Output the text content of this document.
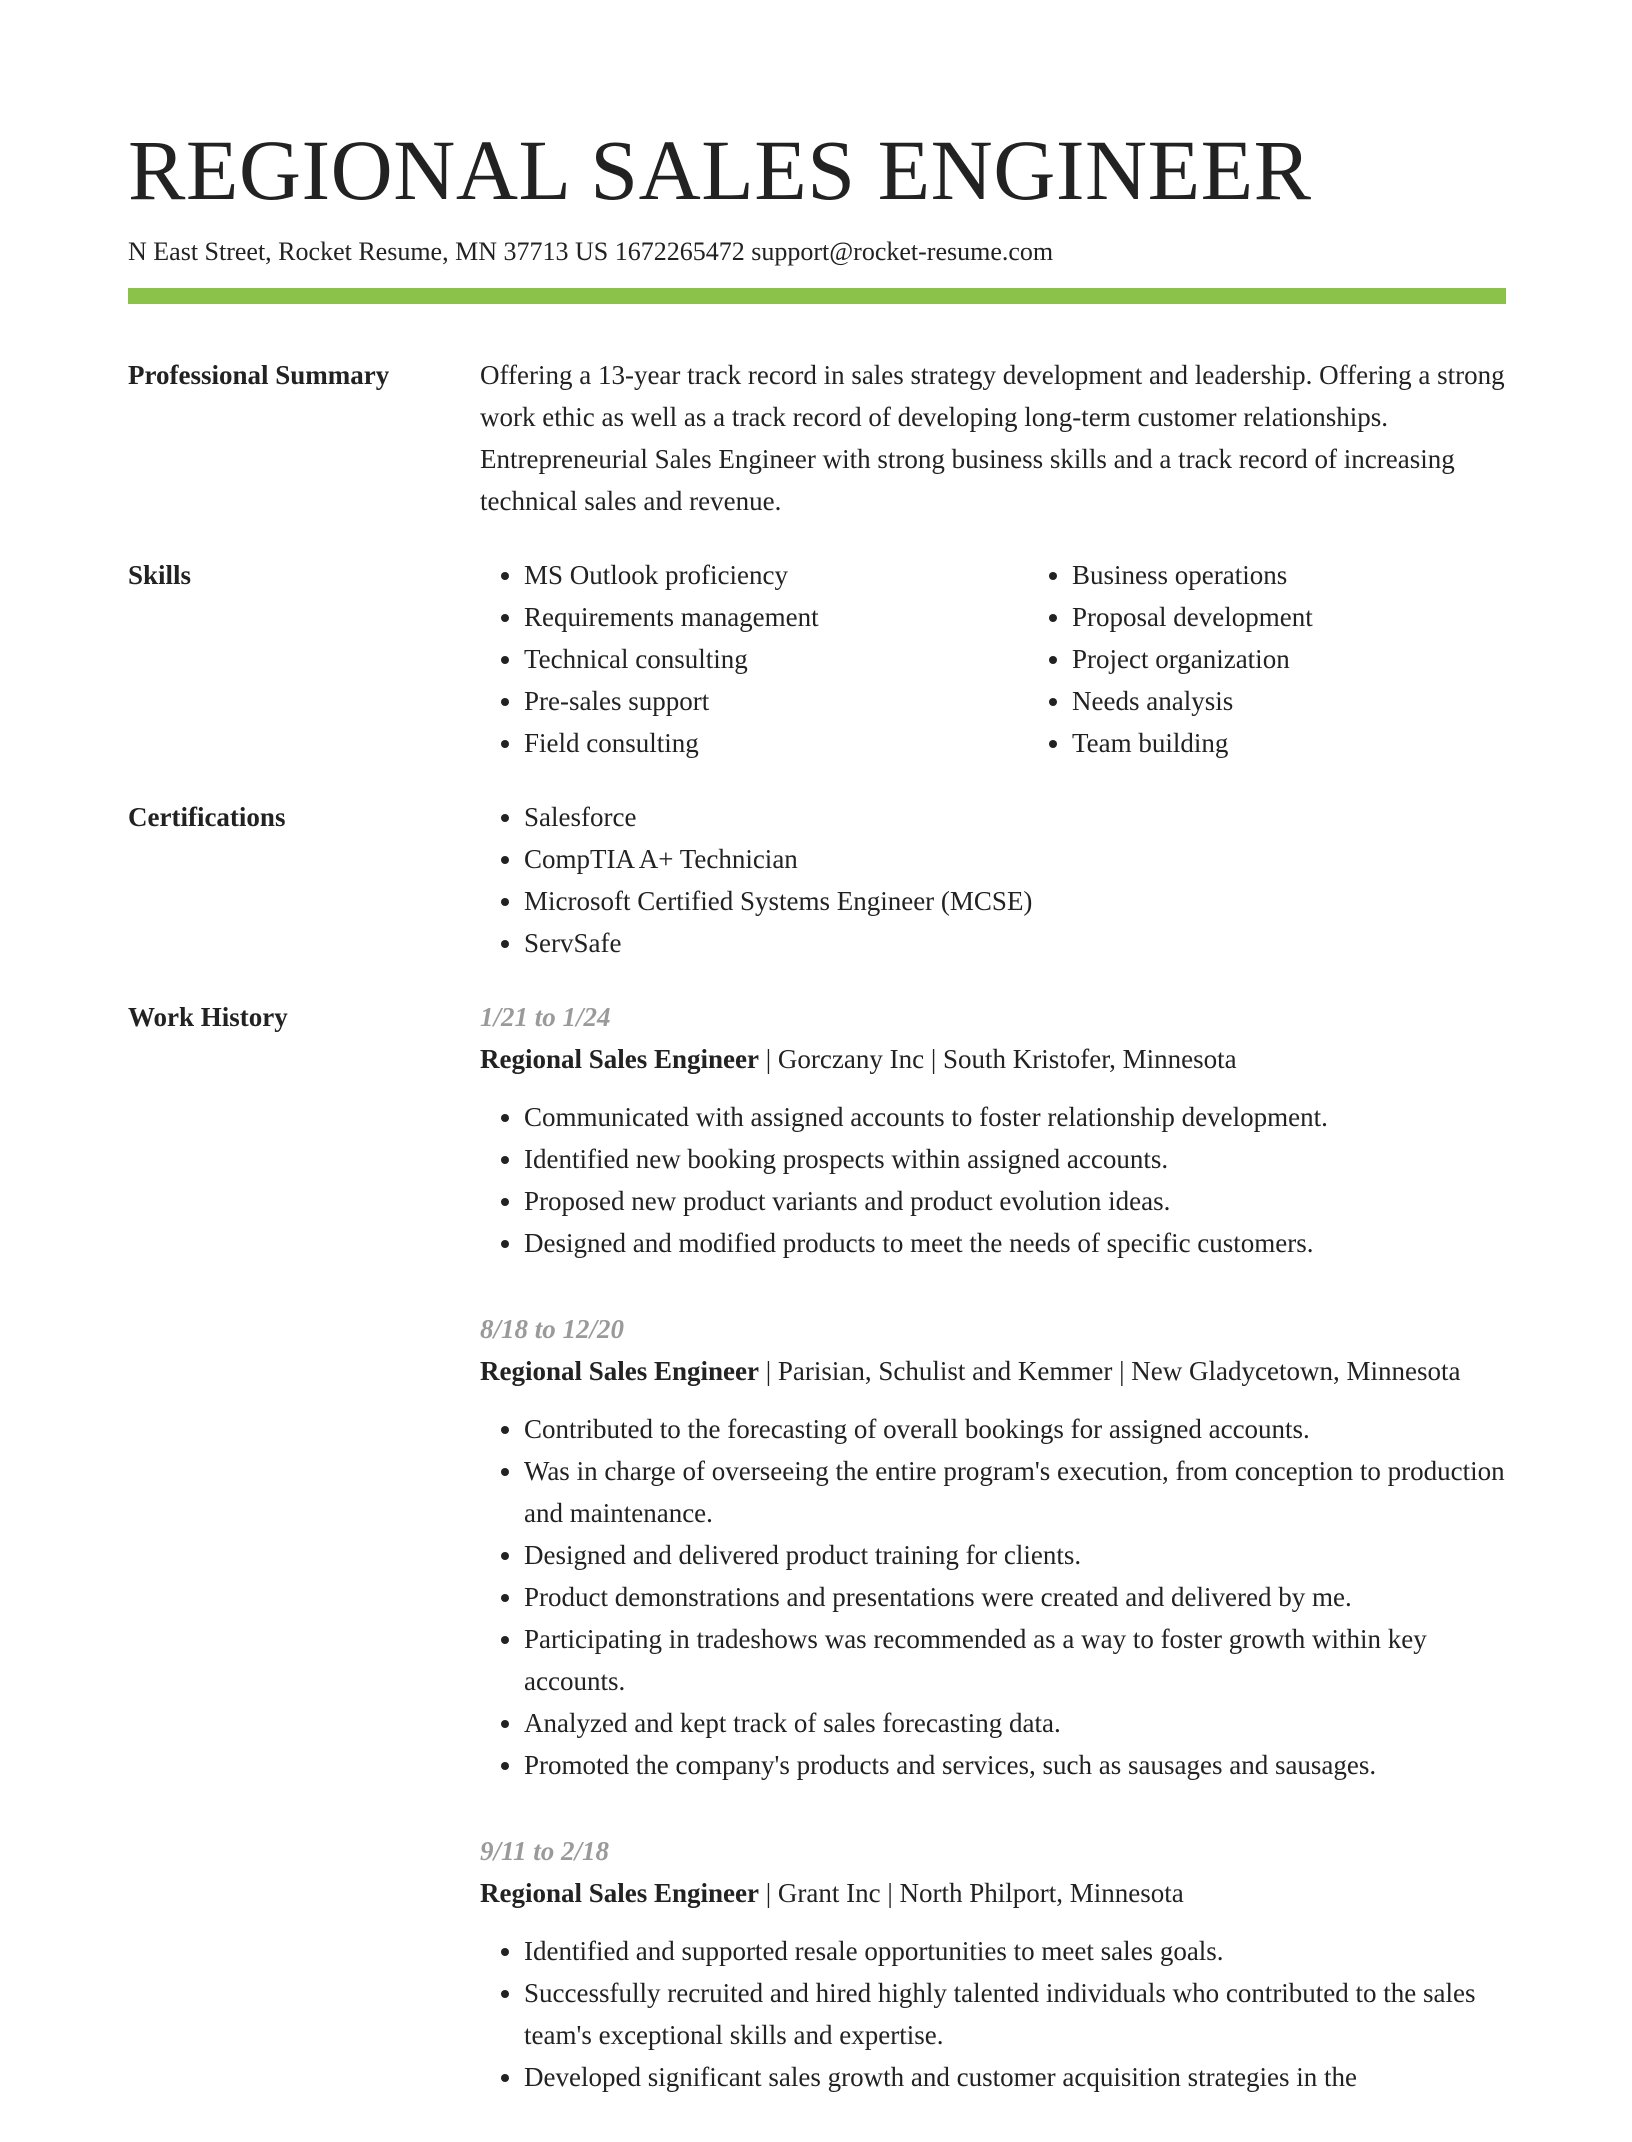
REGIONAL SALES ENGINEER
N East Street, Rocket Resume, MN 37713 US 1672265472 support@rocket-resume.com
Professional Summary	Offering a 13-year track record in sales strategy development and leadership. Offering a strong work ethic as well as a track record of developing long-term customer relationships. Entrepreneurial Sales Engineer with strong business skills and a track record of increasing technical sales and revenue.
Skills	• MS Outlook proficiency
• Requirements management
• Technical consulting
• Pre-sales support
• Field consulting
• Business operations
• Proposal development
• Project organization
• Needs analysis
• Team building
Certifications	• Salesforce
• CompTIA A+ Technician
• Microsoft Certified Systems Engineer (MCSE)
• ServSafe
Work History	1/21 to 1/24
Regional Sales Engineer | Gorczany Inc | South Kristofer, Minnesota
• Communicated with assigned accounts to foster relationship development.
• Identified new booking prospects within assigned accounts.
• Proposed new product variants and product evolution ideas.
• Designed and modified products to meet the needs of specific customers.
8/18 to 12/20
Regional Sales Engineer | Parisian, Schulist and Kemmer | New Gladycetown, Minnesota
• Contributed to the forecasting of overall bookings for assigned accounts.
• Was in charge of overseeing the entire program's execution, from conception to production and maintenance.
• Designed and delivered product training for clients.
• Product demonstrations and presentations were created and delivered by me.
• Participating in tradeshows was recommended as a way to foster growth within key accounts.
• Analyzed and kept track of sales forecasting data.
• Promoted the company's products and services, such as sausages and sausages.
9/11 to 2/18
Regional Sales Engineer | Grant Inc | North Philport, Minnesota
• Identified and supported resale opportunities to meet sales goals.
• Successfully recruited and hired highly talented individuals who contributed to the sales team's exceptional skills and expertise.
• Developed significant sales growth and customer acquisition strategies in the
